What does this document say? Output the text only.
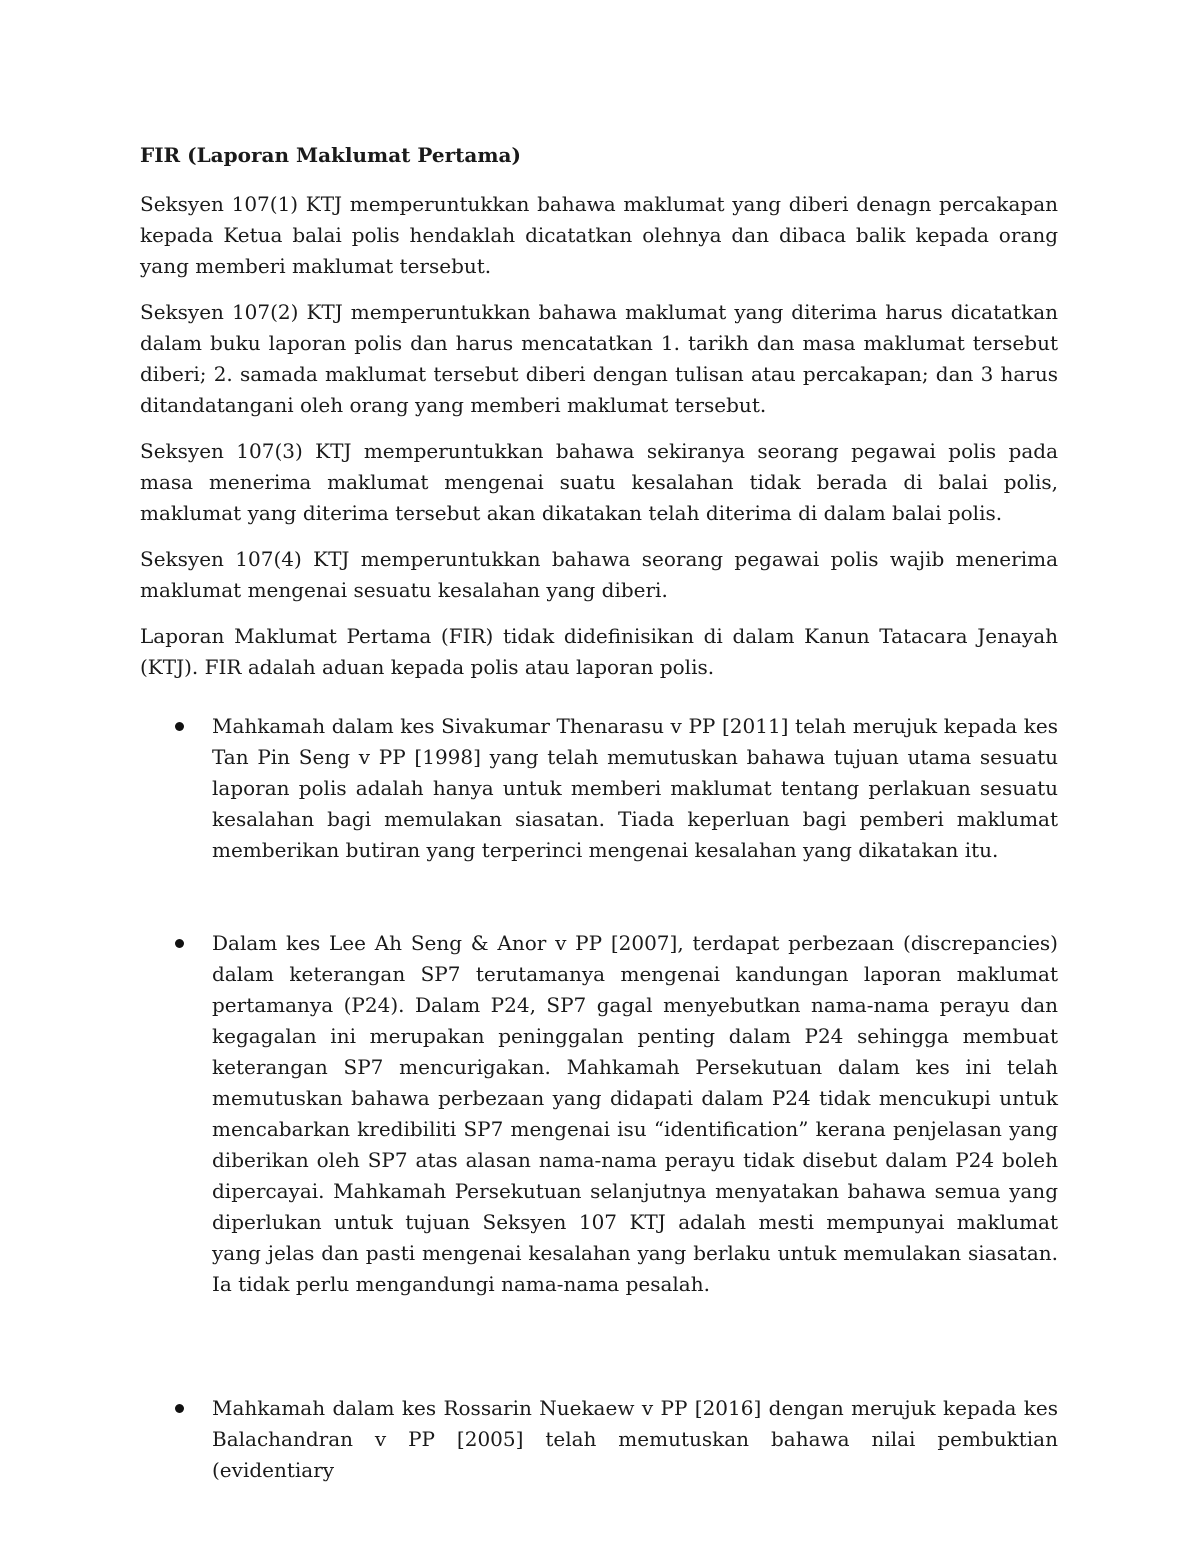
FIR (Laporan Maklumat Pertama)

Seksyen 107(1) KTJ memperuntukkan bahawa maklumat yang diberi denagn percakapan kepada Ketua balai polis hendaklah dicatatkan olehnya dan dibaca balik kepada orang yang memberi maklumat tersebut.

Seksyen 107(2) KTJ memperuntukkan bahawa maklumat yang diterima harus dicatatkan dalam buku laporan polis dan harus mencatatkan 1. tarikh dan masa maklumat tersebut diberi; 2. samada maklumat tersebut diberi dengan tulisan atau percakapan; dan 3 harus ditandatangani oleh orang yang memberi maklumat tersebut.

Seksyen 107(3) KTJ memperuntukkan bahawa sekiranya seorang pegawai polis pada masa menerima maklumat mengenai suatu kesalahan tidak berada di balai polis, maklumat yang diterima tersebut akan dikatakan telah diterima di dalam balai polis.

Seksyen 107(4) KTJ memperuntukkan bahawa seorang pegawai polis wajib menerima maklumat mengenai sesuatu kesalahan yang diberi.

Laporan Maklumat Pertama (FIR) tidak didefinisikan di dalam Kanun Tatacara Jenayah (KTJ). FIR adalah aduan kepada polis atau laporan polis.

Mahkamah dalam kes Sivakumar Thenarasu v PP [2011] telah merujuk kepada kes Tan Pin Seng v PP [1998] yang telah memutuskan bahawa tujuan utama sesuatu laporan polis adalah hanya untuk memberi maklumat tentang perlakuan sesuatu kesalahan bagi memulakan siasatan. Tiada keperluan bagi pemberi maklumat memberikan butiran yang terperinci mengenai kesalahan yang dikatakan itu.
Dalam kes Lee Ah Seng & Anor v PP [2007], terdapat perbezaan (discrepancies) dalam keterangan SP7 terutamanya mengenai kandungan laporan maklumat pertamanya (P24). Dalam P24, SP7 gagal menyebutkan nama-nama perayu dan kegagalan ini merupakan peninggalan penting dalam P24 sehingga membuat keterangan SP7 mencurigakan. Mahkamah Persekutuan dalam kes ini telah memutuskan bahawa perbezaan yang didapati dalam P24 tidak mencukupi untuk mencabarkan kredibiliti SP7 mengenai isu “identification” kerana penjelasan yang diberikan oleh SP7 atas alasan nama-nama perayu tidak disebut dalam P24 boleh dipercayai. Mahkamah Persekutuan selanjutnya menyatakan bahawa semua yang diperlukan untuk tujuan Seksyen 107 KTJ adalah mesti mempunyai maklumat yang jelas dan pasti mengenai kesalahan yang berlaku untuk memulakan siasatan. Ia tidak perlu mengandungi nama-nama pesalah.
Mahkamah dalam kes Rossarin Nuekaew v PP [2016] dengan merujuk kepada kes Balachandran v PP [2005] telah memutuskan bahawa nilai pembuktian (evidentiary
